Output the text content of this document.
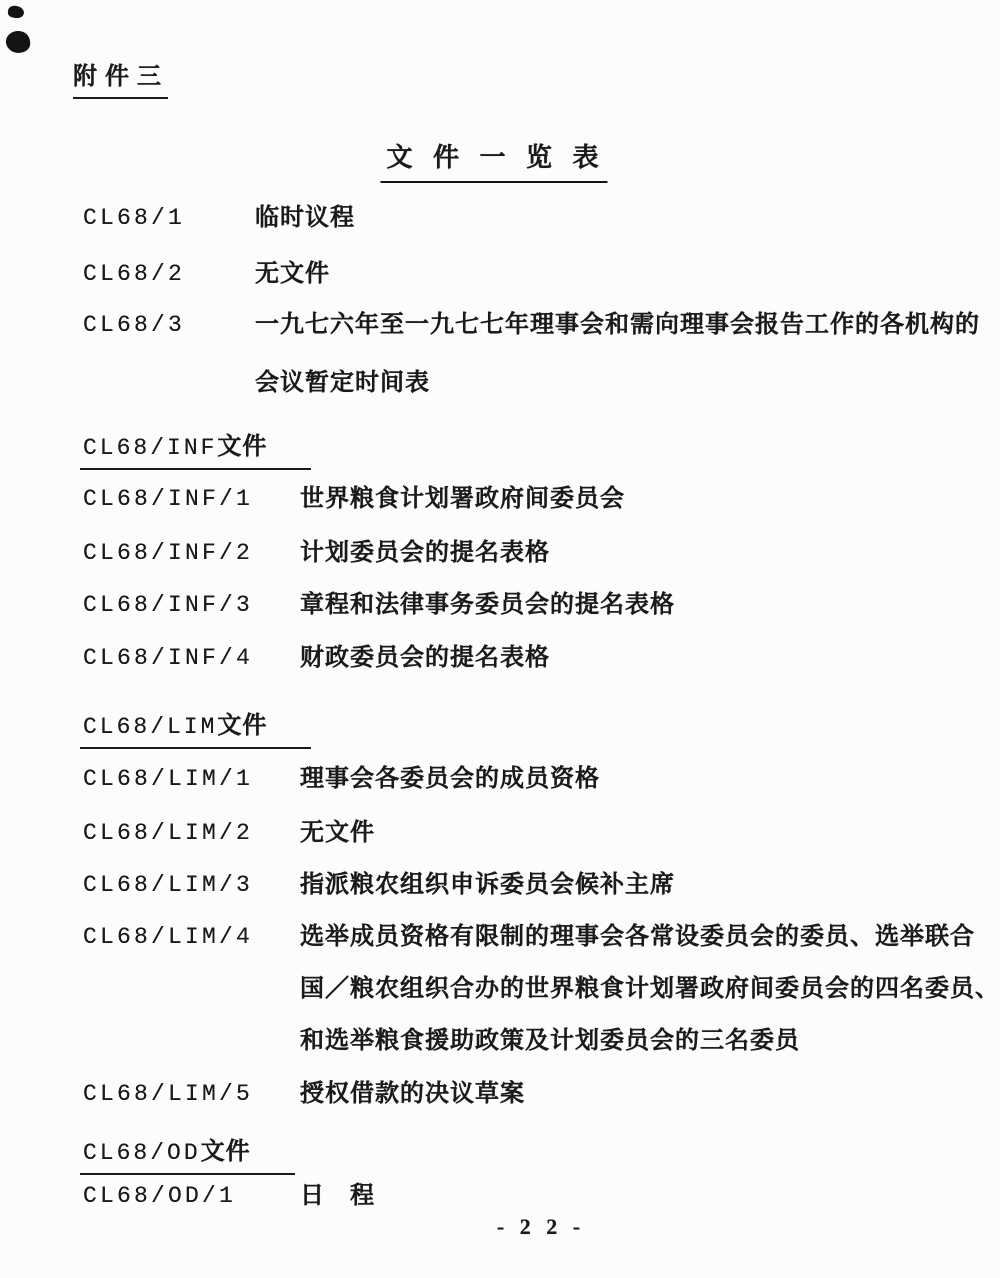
附 件 三
文 件 一 览 表
CL68/1	临时议程
CL68/2	无文件
CL68/3	一九七六年至一九七七年理事会和需向理事会报告工作的各机构的
会议暂定时间表
CL68/INF文件
CL68/INF/1 世界粮食计划署政府间委员会
CL68/INF/2 计划委员会的提名表格
CL68/INF/3 章程和法律事务委员会的提名表格
CL68/INF/4 财政委员会的提名表格
CL68/LIM文件
CL68/LIM/1 理事会各委员会的成员资格
CL68/LIM/2 无文件
CL68/LIM/3 指派粮农组织申诉委员会候补主席
CL68/LIM/4 选举成员资格有限制的理事会各常设委员会的委员、选举联合
国／粮农组织合办的世界粮食计划署政府间委员会的四名委员、
和选举粮食援助政策及计划委员会的三名委员
CL68/LIM/5 授权借款的决议草案
CL68/OD文件
CL68/OD/1	日　程
- 2 2 -
